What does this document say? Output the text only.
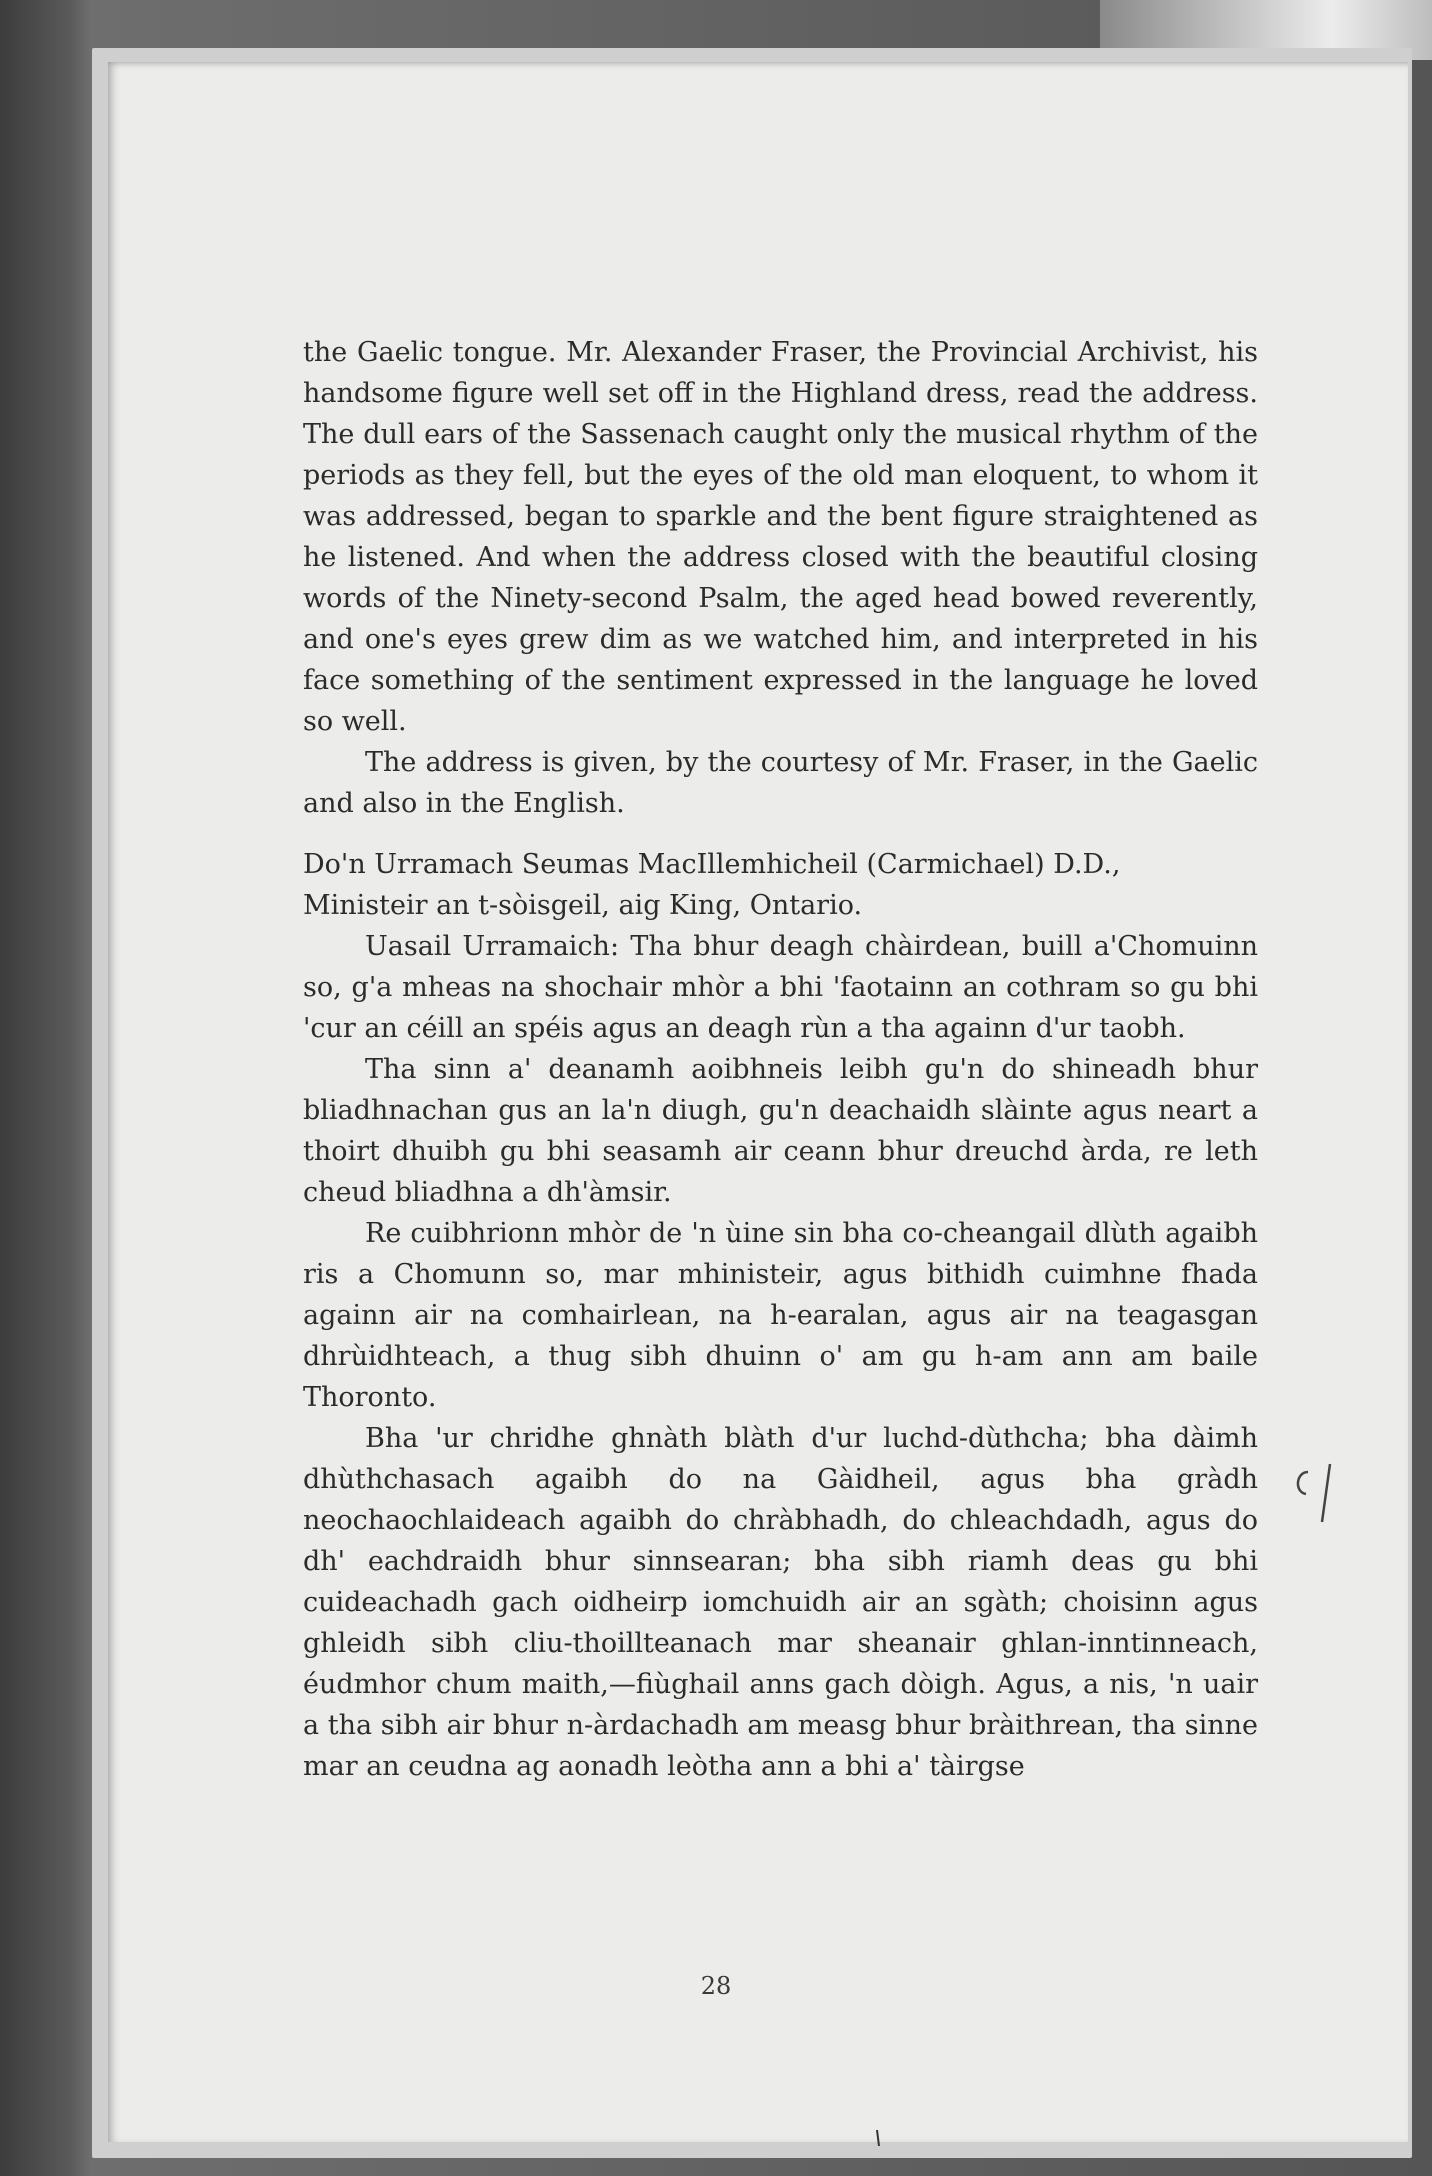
the Gaelic tongue. Mr. Alexander Fraser, the Provincial Archivist, his handsome figure well set off in the Highland dress, read the address. The dull ears of the Sassenach caught only the musical rhythm of the periods as they fell, but the eyes of the old man eloquent, to whom it was addressed, began to sparkle and the bent figure straightened as he listened. And when the address closed with the beautiful closing words of the Ninety-second Psalm, the aged head bowed reverently, and one's eyes grew dim as we watched him, and interpreted in his face something of the sentiment expressed in the language he loved so well.

The address is given, by the courtesy of Mr. Fraser, in the Gaelic and also in the English.

Do'n Urramach Seumas MacIllemhicheil (Carmichael) D.D.,

Ministeir an t-sòisgeil, aig King, Ontario.

Uasail Urramaich: Tha bhur deagh chàirdean, buill a'Chomuinn so, g'a mheas na shochair mhòr a bhi 'faotainn an cothram so gu bhi 'cur an céill an spéis agus an deagh rùn a tha againn d'ur taobh.

Tha sinn a' deanamh aoibhneis leibh gu'n do shineadh bhur bliadhnachan gus an la'n diugh, gu'n deachaidh slàinte agus neart a thoirt dhuibh gu bhi seasamh air ceann bhur dreuchd àrda, re leth cheud bliadhna a dh'àmsir.

Re cuibhrionn mhòr de 'n ùine sin bha co-cheangail dlùth agaibh ris a Chomunn so, mar mhinisteir, agus bithidh cuimhne fhada againn air na comhairlean, na h-earalan, agus air na teagasgan dhrùidhteach, a thug sibh dhuinn o' am gu h-am ann am baile Thoronto.

Bha 'ur chridhe ghnàth blàth d'ur luchd-dùthcha; bha dàimh dhùthchasach agaibh do na Gàidheil, agus bha gràdh neochaochlaideach agaibh do chràbhadh, do chleachdadh, agus do dh' eachdraidh bhur sinnsearan; bha sibh riamh deas gu bhi cuideachadh gach oidheirp iomchuidh air an sgàth; choisinn agus ghleidh sibh cliu-thoillteanach mar sheanair ghlan-inntinneach, éudmhor chum maith,—fiùghail anns gach dòigh. Agus, a nis, 'n uair a tha sibh air bhur n-àrdachadh am measg bhur bràithrean, tha sinne mar an ceudna ag aonadh leòtha ann a bhi a' tàirgse

28
